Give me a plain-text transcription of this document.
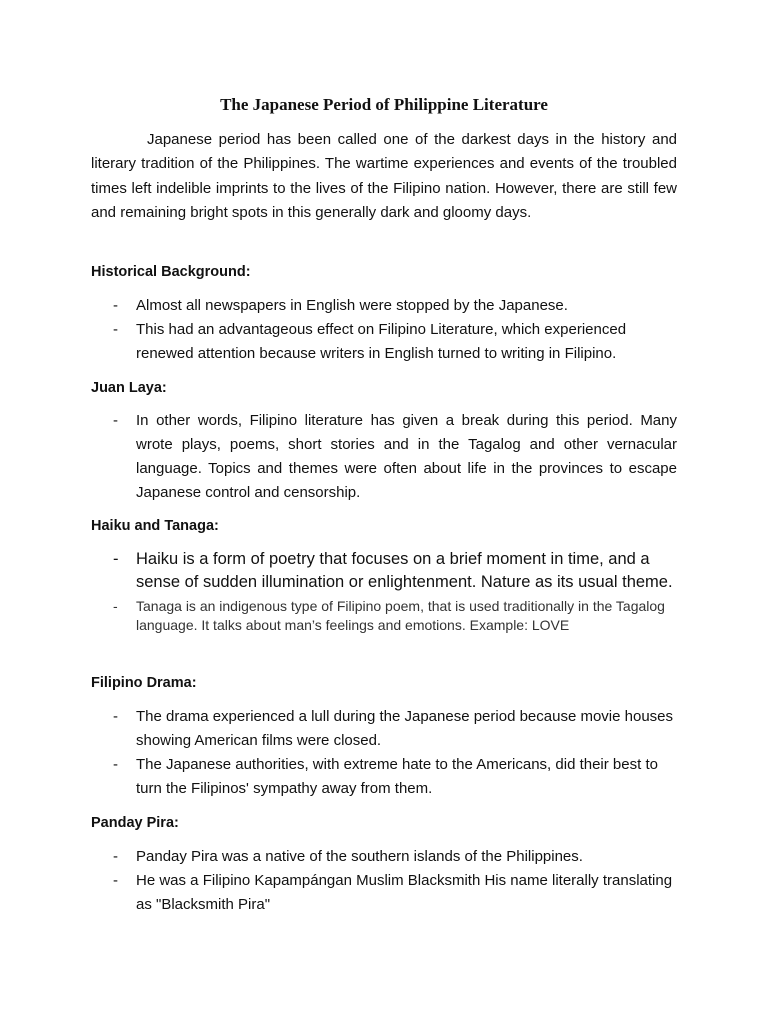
The Japanese Period of Philippine Literature

Japanese period has been called one of the darkest days in the history and literary tradition of the Philippines. The wartime experiences and events of the troubled times left indelible imprints to the lives of the Filipino nation. However, there are still few and remaining bright spots in this generally dark and gloomy days.

Historical Background:
- Almost all newspapers in English were stopped by the Japanese.
- This had an advantageous effect on Filipino Literature, which experienced renewed attention because writers in English turned to writing in Filipino.
Juan Laya:
- In other words, Filipino literature has given a break during this period. Many wrote plays, poems, short stories and in the Tagalog and other vernacular language. Topics and themes were often about life in the provinces to escape Japanese control and censorship.
Haiku and Tanaga:
- Haiku is a form of poetry that focuses on a brief moment in time, and a sense of sudden illumination or enlightenment. Nature as its usual theme.
- Tanaga is an indigenous type of Filipino poem, that is used traditionally in the Tagalog language. It talks about man’s feelings and emotions. Example: LOVE
Filipino Drama:
- The drama experienced a lull during the Japanese period because movie houses showing American films were closed.
- The Japanese authorities, with extreme hate to the Americans, did their best to turn the Filipinos' sympathy away from them.
Panday Pira:
- Panday Pira was a native of the southern islands of the Philippines.
- He was a Filipino Kapampángan Muslim Blacksmith His name literally translating as "Blacksmith Pira"
